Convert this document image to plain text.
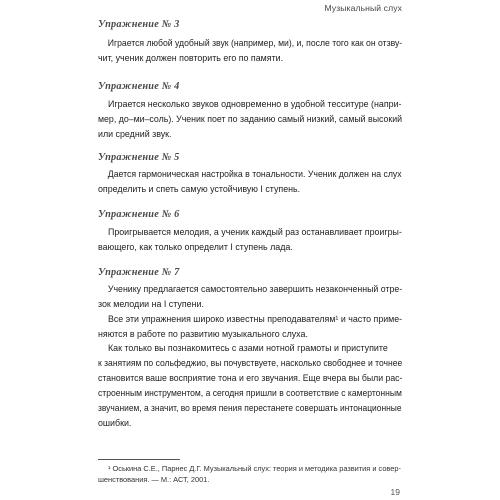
Музыкальный слух
Упражнение № 3

Играется любой удобный звук (например, ми), и, после того как он отзву-
чит, ученик должен повторить его по памяти.

Упражнение № 4

Играется несколько звуков одновременно в удобной тесситуре (напри-
мер, до–ми–соль). Ученик поет по заданию самый низкий, самый высокий
или средний звук.

Упражнение № 5

Дается гармоническая настройка в тональности. Ученик должен на слух
определить и спеть самую устойчивую I ступень.

Упражнение № 6

Проигрывается мелодия, а ученик каждый раз останавливает проигры-
вающего, как только определит I ступень лада.

Упражнение № 7

Ученику предлагается самостоятельно завершить незаконченный отре-
зок мелодии на I ступени.

Все эти упражнения широко известны преподавателям¹ и часто приме-
няются в работе по развитию музыкального слуха.

Как только вы познакомитесь с азами нотной грамоты и приступите
к занятиям по сольфеджио, вы почувствуете, насколько свободнее и точнее
становится ваше восприятие тона и его звучания. Еще вчера вы были рас-
строенным инструментом, а сегодня пришли в соответствие с камертонным
звучанием, а значит, во время пения перестанете совершать интонационные
ошибки.

¹ Оськина С.Е., Парнес Д.Г. Музыкальный слух: теория и методика развития и совер-
шенствования. — М.: АСТ, 2001.
19
